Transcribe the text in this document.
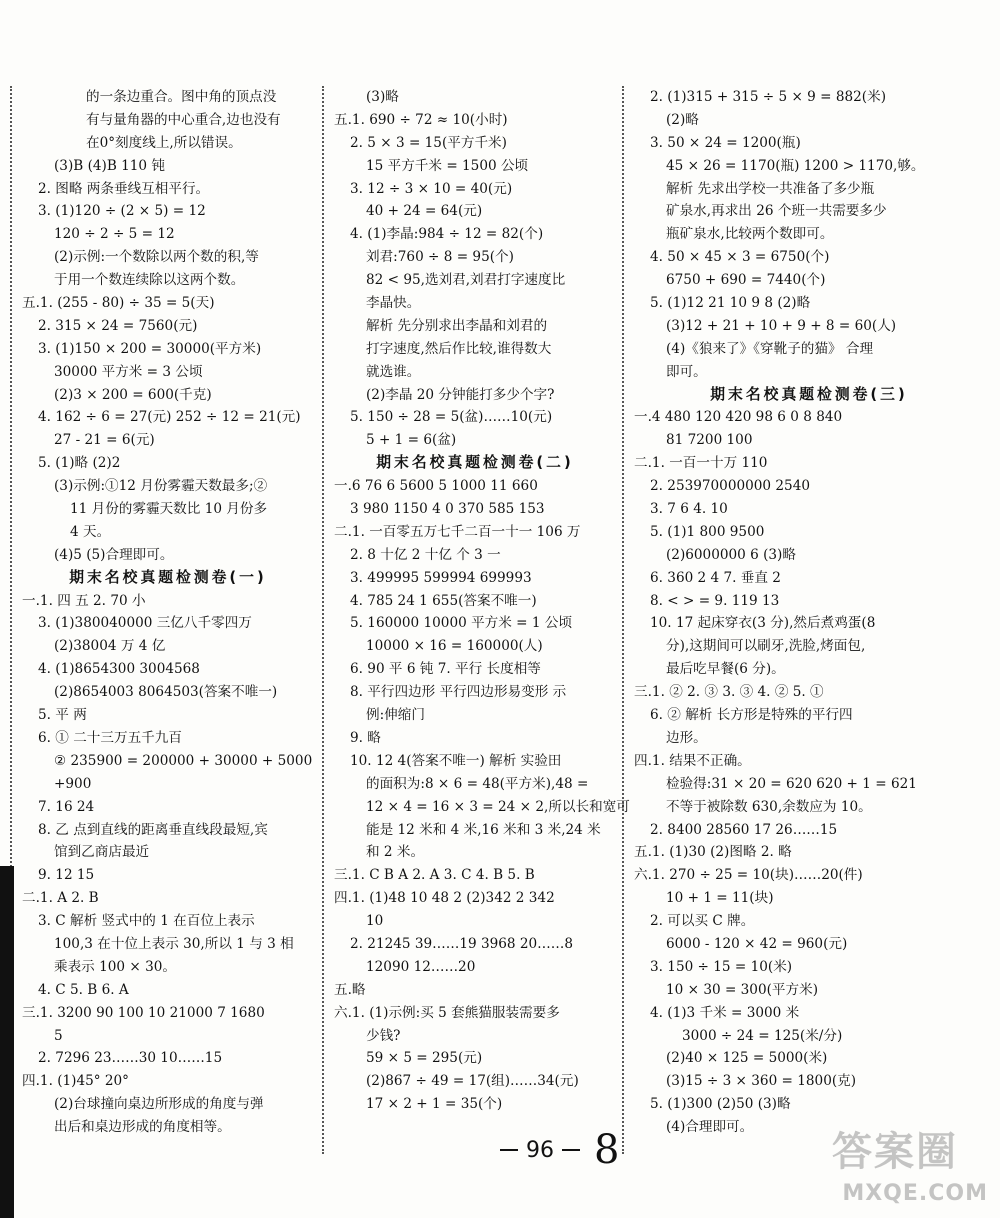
的一条边重合。图中角的顶点没
有与量角器的中心重合,边也没有
在0°刻度线上,所以错误。
(3)B (4)B 110 钝
2. 图略 两条垂线互相平行。
3. (1)120 ÷ (2 × 5) = 12
120 ÷ 2 ÷ 5 = 12
(2)示例:一个数除以两个数的积,等
于用一个数连续除以这两个数。
五.1. (255 - 80) ÷ 35 = 5(天)
2. 315 × 24 = 7560(元)
3. (1)150 × 200 = 30000(平方米)
30000 平方米 = 3 公顷
(2)3 × 200 = 600(千克)
4. 162 ÷ 6 = 27(元) 252 ÷ 12 = 21(元)
27 - 21 = 6(元)
5. (1)略 (2)2
(3)示例:①12 月份雾霾天数最多;②
11 月份的雾霾天数比 10 月份多
4 天。
(4)5 (5)合理即可。
期末名校真题检测卷(一)
一.1. 四 五 2. 70 小
3. (1)380040000 三亿八千零四万
(2)38004 万 4 亿
4. (1)8654300 3004568
(2)8654003 8064503(答案不唯一)
5. 平 两
6. ① 二十三万五千九百
② 235900 = 200000 + 30000 + 5000
+900
7. 16 24
8. 乙 点到直线的距离垂直线段最短,宾
馆到乙商店最近
9. 12 15
二.1. A 2. B
3. C 解析 竖式中的 1 在百位上表示
100,3 在十位上表示 30,所以 1 与 3 相
乘表示 100 × 30。
4. C 5. B 6. A
三.1. 3200 90 100 10 21000 7 1680
5
2. 7296 23……30 10……15
四.1. (1)45° 20°
(2)台球撞向桌边所形成的角度与弹
出后和桌边形成的角度相等。
(3)略
五.1. 690 ÷ 72 ≈ 10(小时)
2. 5 × 3 = 15(平方千米)
15 平方千米 = 1500 公顷
3. 12 ÷ 3 × 10 = 40(元)
40 + 24 = 64(元)
4. (1)李晶:984 ÷ 12 = 82(个)
刘君:760 ÷ 8 = 95(个)
82 < 95,选刘君,刘君打字速度比
李晶快。
解析 先分别求出李晶和刘君的
打字速度,然后作比较,谁得数大
就选谁。
(2)李晶 20 分钟能打多少个字?
5. 150 ÷ 28 = 5(盆)……10(元)
5 + 1 = 6(盆)
期末名校真题检测卷(二)
一.6 76 6 5600 5 1000 11 660
3 980 1150 4 0 370 585 153
二.1. 一百零五万七千二百一十一 106 万
2. 8 十亿 2 十亿 个 3 一
3. 499995 599994 699993
4. 785 24 1 655(答案不唯一)
5. 160000 10000 平方米 = 1 公顷
10000 × 16 = 160000(人)
6. 90 平 6 钝 7. 平行 长度相等
8. 平行四边形 平行四边形易变形 示
例:伸缩门
9. 略
10. 12 4(答案不唯一) 解析 实验田
的面积为:8 × 6 = 48(平方米),48 =
12 × 4 = 16 × 3 = 24 × 2,所以长和宽可
能是 12 米和 4 米,16 米和 3 米,24 米
和 2 米。
三.1. C B A 2. A 3. C 4. B 5. B
四.1. (1)48 10 48 2 (2)342 2 342
10
2. 21245 39……19 3968 20……8
12090 12……20
五.略
六.1. (1)示例:买 5 套熊猫服装需要多
少钱?
59 × 5 = 295(元)
(2)867 ÷ 49 = 17(组)……34(元)
17 × 2 + 1 = 35(个)
2. (1)315 + 315 ÷ 5 × 9 = 882(米)
(2)略
3. 50 × 24 = 1200(瓶)
45 × 26 = 1170(瓶) 1200 > 1170,够。
解析 先求出学校一共准备了多少瓶
矿泉水,再求出 26 个班一共需要多少
瓶矿泉水,比较两个数即可。
4. 50 × 45 × 3 = 6750(个)
6750 + 690 = 7440(个)
5. (1)12 21 10 9 8 (2)略
(3)12 + 21 + 10 + 9 + 8 = 60(人)
(4)《狼来了》《穿靴子的猫》 合理
即可。
期末名校真题检测卷(三)
一.4 480 120 420 98 6 0 8 840
81 7200 100
二.1. 一百一十万 110
2. 253970000000 2540
3. 7 6 4. 10
5. (1)1 800 9500
(2)6000000 6 (3)略
6. 360 2 4 7. 垂直 2
8. < > = 9. 119 13
10. 17 起床穿衣(3 分),然后煮鸡蛋(8
分),这期间可以刷牙,洗脸,烤面包,
最后吃早餐(6 分)。
三.1. ② 2. ③ 3. ③ 4. ② 5. ①
6. ② 解析 长方形是特殊的平行四
边形。
四.1. 结果不正确。
检验得:31 × 20 = 620 620 + 1 = 621
不等于被除数 630,余数应为 10。
2. 8400 28560 17 26……15
五.1. (1)30 (2)图略 2. 略
六.1. 270 ÷ 25 = 10(块)……20(件)
10 + 1 = 11(块)
2. 可以买 C 牌。
6000 - 120 × 42 = 960(元)
3. 150 ÷ 15 = 10(米)
10 × 30 = 300(平方米)
4. (1)3 千米 = 3000 米
3000 ÷ 24 = 125(米/分)
(2)40 × 125 = 5000(米)
(3)15 ÷ 3 × 360 = 1800(克)
5. (1)300 (2)50 (3)略
(4)合理即可。
96 8	答案圈
MXQE.COM
